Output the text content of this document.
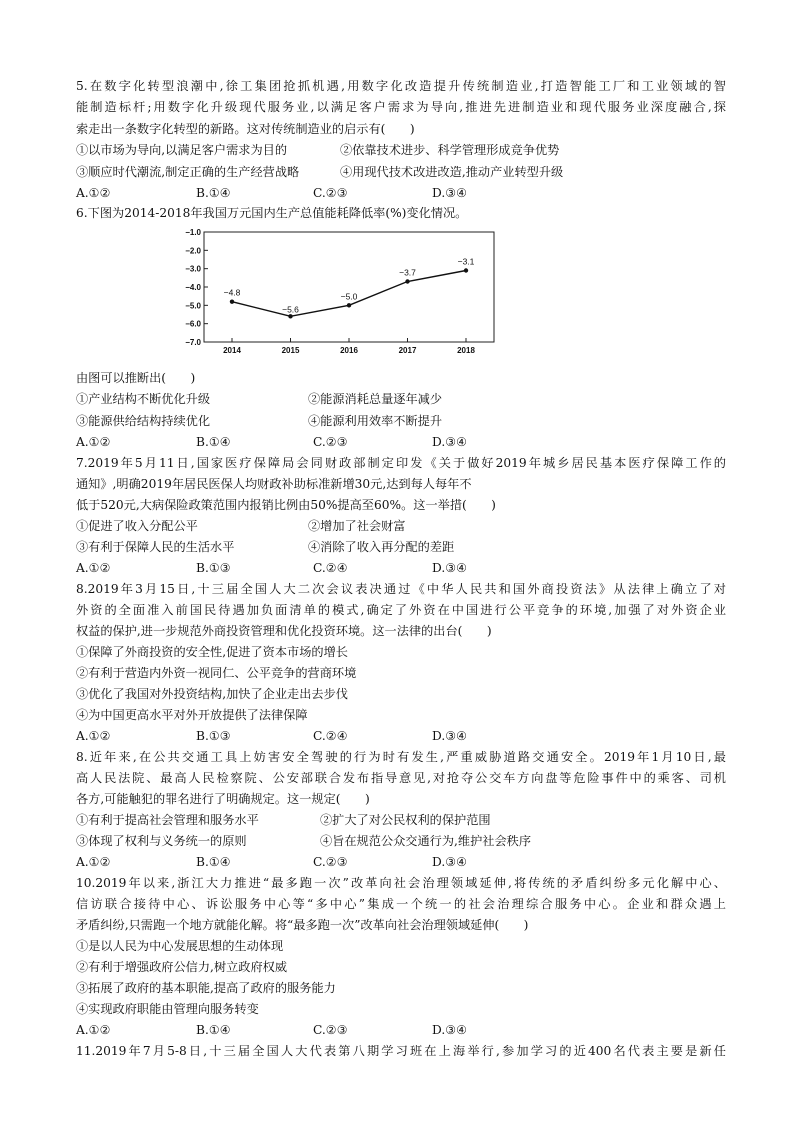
5.在数字化转型浪潮中,徐工集团抢抓机遇,用数字化改造提升传统制造业,打造智能工厂和工业领域的智
能制造标杆;用数字化升级现代服务业,以满足客户需求为导向,推进先进制造业和现代服务业深度融合,探
索走出一条数字化转型的新路。这对传统制造业的启示有(　　)
①以市场为导向,以满足客户需求为目的	②依靠技术进步、科学管理形成竞争优势
③顺应时代潮流,制定正确的生产经营战略	④用现代技术改进改造,推动产业转型升级
A.①②	B.①④	C.②③	D.③④
6.下图为2014-2018年我国万元国内生产总值能耗降低率(%)变化情况。
−1.0
−2.0
−3.0
−4.0
−5.0
−6.0
−7.0
2014	2015	2016	2017	2018
−4.8
−5.6
−5.0
−3.7
−3.1
由图可以推断出(　　)
①产业结构不断优化升级	②能源消耗总量逐年减少
③能源供给结构持续优化	④能源利用效率不断提升
A.①②	B.①④	C.②③	D.③④
7.2019年5月11日,国家医疗保障局会同财政部制定印发《关于做好2019年城乡居民基本医疗保障工作的
通知》,明确2019年居民医保人均财政补助标准新增30元,达到每人每年不
低于520元,大病保险政策范围内报销比例由50%提高至60%。这一举措(　　)
①促进了收入分配公平	②增加了社会财富
③有利于保障人民的生活水平	④消除了收入再分配的差距
A.①②	B.①③	C.②④	D.③④
8.2019年3月15日,十三届全国人大二次会议表决通过《中华人民共和国外商投资法》从法律上确立了对
外资的全面准入前国民待遇加负面清单的模式,确定了外资在中国进行公平竞争的环境,加强了对外资企业
权益的保护,进一步规范外商投资管理和优化投资环境。这一法律的出台(　　)
①保障了外商投资的安全性,促进了资本市场的增长
②有利于营造内外资一视同仁、公平竞争的营商环境
③优化了我国对外投资结构,加快了企业走出去步伐
④为中国更高水平对外开放提供了法律保障
A.①②	B.①③	C.②④	D.③④
8.近年来,在公共交通工具上妨害安全驾驶的行为时有发生,严重威胁道路交通安全。2019年1月10日,最
高人民法院、最高人民检察院、公安部联合发布指导意见,对抢夺公交车方向盘等危险事件中的乘客、司机
各方,可能触犯的罪名进行了明确规定。这一规定(　　)
①有利于提高社会管理和服务水平	②扩大了对公民权利的保护范围
③体现了权利与义务统一的原则	④旨在规范公众交通行为,维护社会秩序
A.①②	B.①④	C.②③	D.③④
10.2019年以来,浙江大力推进“最多跑一次”改革向社会治理领域延伸,将传统的矛盾纠纷多元化解中心、
信访联合接待中心、诉讼服务中心等“多中心”集成一个统一的社会治理综合服务中心。企业和群众遇上
矛盾纠纷,只需跑一个地方就能化解。将“最多跑一次”改革向社会治理领域延伸(　　)
①是以人民为中心发展思想的生动体现
②有利于增强政府公信力,树立政府权威
③拓展了政府的基本职能,提高了政府的服务能力
④实现政府职能由管理向服务转变
A.①②	B.①④	C.②③	D.③④
11.2019年7月5-8日,十三届全国人大代表第八期学习班在上海举行,参加学习的近400名代表主要是新任
